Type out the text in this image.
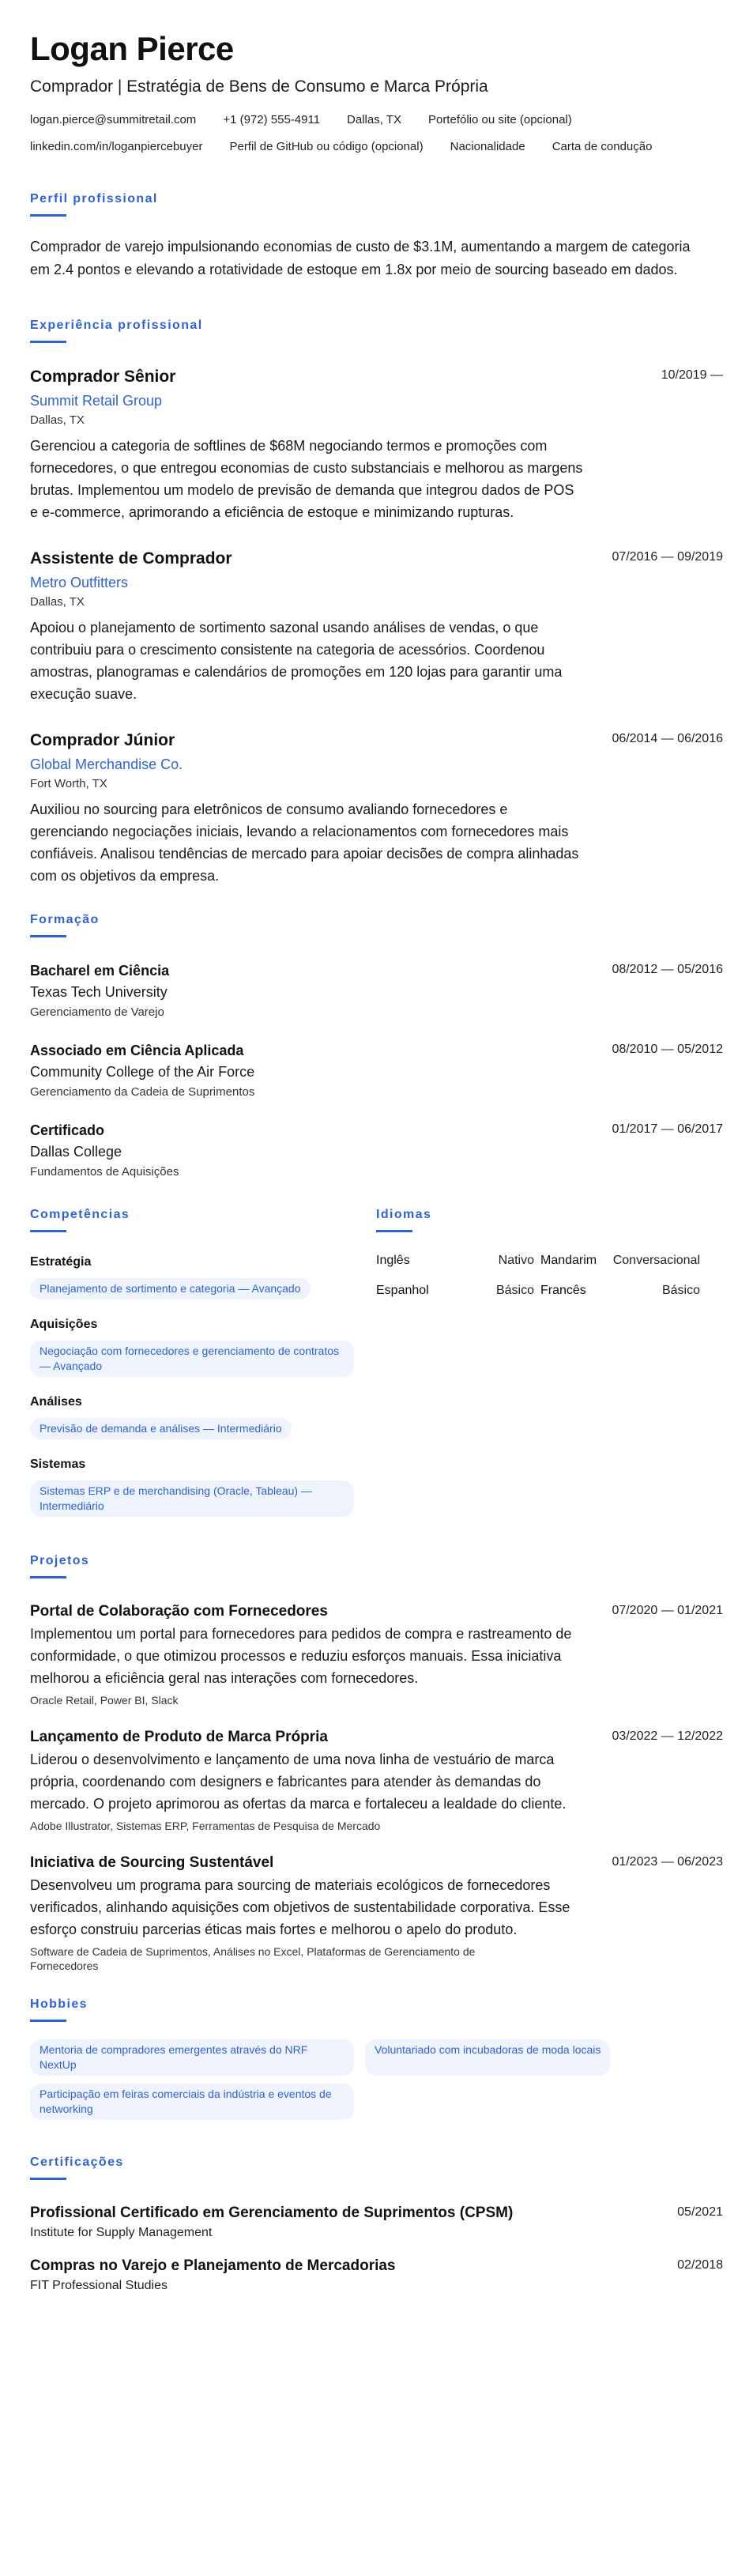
Logan Pierce
Comprador | Estratégia de Bens de Consumo e Marca Própria
logan.pierce@summitretail.com +1 (972) 555-4911 Dallas, TX Portefólio ou site (opcional)
linkedin.com/in/loganpiercebuyer Perfil de GitHub ou código (opcional) Nacionalidade Carta de condução
Perfil profissional

Comprador de varejo impulsionando economias de custo de $3.1M, aumentando a margem de categoria em 2.4 pontos e elevando a rotatividade de estoque em 1.8x por meio de sourcing baseado em dados.

Experiência profissional
Comprador Sênior	10/2019 —
Summit Retail Group
Dallas, TX

Gerenciou a categoria de softlines de $68M negociando termos e promoções com fornecedores, o que entregou economias de custo substanciais e melhorou as margens brutas. Implementou um modelo de previsão de demanda que integrou dados de POS e e-commerce, aprimorando a eficiência de estoque e minimizando rupturas.

Assistente de Comprador	07/2016 — 09/2019
Metro Outfitters
Dallas, TX

Apoiou o planejamento de sortimento sazonal usando análises de vendas, o que contribuiu para o crescimento consistente na categoria de acessórios. Coordenou amostras, planogramas e calendários de promoções em 120 lojas para garantir uma execução suave.

Comprador Júnior	06/2014 — 06/2016
Global Merchandise Co.
Fort Worth, TX

Auxiliou no sourcing para eletrônicos de consumo avaliando fornecedores e gerenciando negociações iniciais, levando a relacionamentos com fornecedores mais confiáveis. Analisou tendências de mercado para apoiar decisões de compra alinhadas com os objetivos da empresa.

Formação
Bacharel em Ciência	08/2012 — 05/2016
Texas Tech University
Gerenciamento de Varejo
Associado em Ciência Aplicada	08/2010 — 05/2012
Community College of the Air Force
Gerenciamento da Cadeia de Suprimentos
Certificado	01/2017 — 06/2017
Dallas College
Fundamentos de Aquisições
Competências
Estratégia
Planejamento de sortimento e categoria — Avançado
Aquisições
Negociação com fornecedores e gerenciamento de contratos — Avançado
Análises
Previsão de demanda e análises — Intermediário
Sistemas
Sistemas ERP e de merchandising (Oracle, Tableau) — Intermediário
Idiomas
Inglês	Nativo Mandarim	Conversacional
Espanhol	Básico Francês	Básico
Projetos
Portal de Colaboração com Fornecedores	07/2020 — 01/2021

Implementou um portal para fornecedores para pedidos de compra e rastreamento de conformidade, o que otimizou processos e reduziu esforços manuais. Essa iniciativa melhorou a eficiência geral nas interações com fornecedores.

Oracle Retail, Power BI, Slack
Lançamento de Produto de Marca Própria	03/2022 — 12/2022

Liderou o desenvolvimento e lançamento de uma nova linha de vestuário de marca própria, coordenando com designers e fabricantes para atender às demandas do mercado. O projeto aprimorou as ofertas da marca e fortaleceu a lealdade do cliente.

Adobe Illustrator, Sistemas ERP, Ferramentas de Pesquisa de Mercado
Iniciativa de Sourcing Sustentável	01/2023 — 06/2023

Desenvolveu um programa para sourcing de materiais ecológicos de fornecedores verificados, alinhando aquisições com objetivos de sustentabilidade corporativa. Esse esforço construiu parcerias éticas mais fortes e melhorou o apelo do produto.

Software de Cadeia de Suprimentos, Análises no Excel, Plataformas de Gerenciamento de Fornecedores
Hobbies
Mentoria de compradores emergentes através do NRF NextUp
Voluntariado com incubadoras de moda locais
Participação em feiras comerciais da indústria e eventos de networking
Certificações
Profissional Certificado em Gerenciamento de Suprimentos (CPSM)	05/2021
Institute for Supply Management
Compras no Varejo e Planejamento de Mercadorias	02/2018
FIT Professional Studies
